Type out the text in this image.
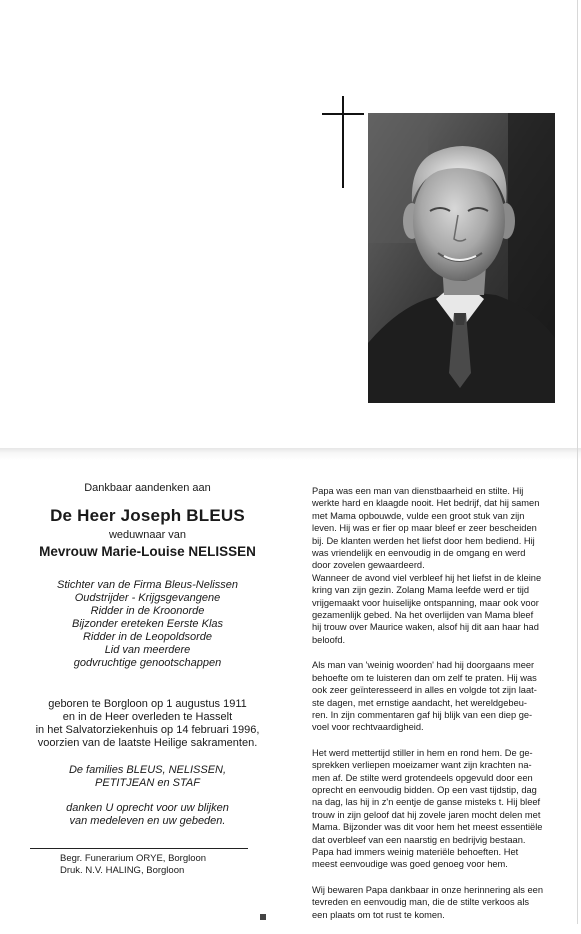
Dankbaar aandenken aan
De Heer Joseph BLEUS
weduwnaar van
Mevrouw Marie-Louise NELISSEN
Stichter van de Firma Bleus-Nelissen
Oudstrijder - Krijgsgevangene
Ridder in de Kroonorde
Bijzonder ereteken Eerste Klas
Ridder in de Leopoldsorde
Lid van meerdere
godvruchtige genootschappen
geboren te Borgloon op 1 augustus 1911
en in de Heer overleden te Hasselt
in het Salvatorziekenhuis op 14 februari 1996,
voorzien van de laatste Heilige sakramenten.
De families BLEUS, NELISSEN,
PETITJEAN en STAF
danken U oprecht voor uw blijken
van medeleven en uw gebeden.
Begr. Funerarium ORYE, Borgloon
Druk. N.V. HALING, Borgloon
Papa was een man van dienstbaarheid en stilte. Hij
werkte hard en klaagde nooit. Het bedrijf, dat hij samen
met Mama opbouwde, vulde een groot stuk van zijn
leven. Hij was er fier op maar bleef er zeer bescheiden
bij. De klanten werden het liefst door hem bediend. Hij
was vriendelijk en eenvoudig in de omgang en werd
door zovelen gewaardeerd.
Wanneer de avond viel verbleef hij het liefst in de kleine
kring van zijn gezin. Zolang Mama leefde werd er tijd
vrijgemaakt voor huiselijke ontspanning, maar ook voor
gezamenlijk gebed. Na het overlijden van Mama bleef
hij trouw over Maurice waken, alsof hij dit aan haar had
beloofd.
Als man van 'weinig woorden' had hij doorgaans meer
behoefte om te luisteren dan om zelf te praten. Hij was
ook zeer geïnteresseerd in alles en volgde tot zijn laat-
ste dagen, met ernstige aandacht, het wereldgebeu-
ren. In zijn commentaren gaf hij blijk van een diep ge-
voel voor rechtvaardigheid.
Het werd mettertijd stiller in hem en rond hem. De ge-
sprekken verliepen moeizamer want zijn krachten na-
men af. De stilte werd grotendeels opgevuld door een
oprecht en eenvoudig bidden. Op een vast tijdstip, dag
na dag, las hij in z'n eentje de ganse misteks t. Hij bleef
trouw in zijn geloof dat hij zovele jaren mocht delen met
Mama. Bijzonder was dit voor hem het meest essentiële
dat overbleef van een naarstig en bedrijvig bestaan.
Papa had immers weinig materiële behoeften. Het
meest eenvoudige was goed genoeg voor hem.
Wij bewaren Papa dankbaar in onze herinnering als een
tevreden en eenvoudig man, die de stilte verkoos als
een plaats om tot rust te komen.
